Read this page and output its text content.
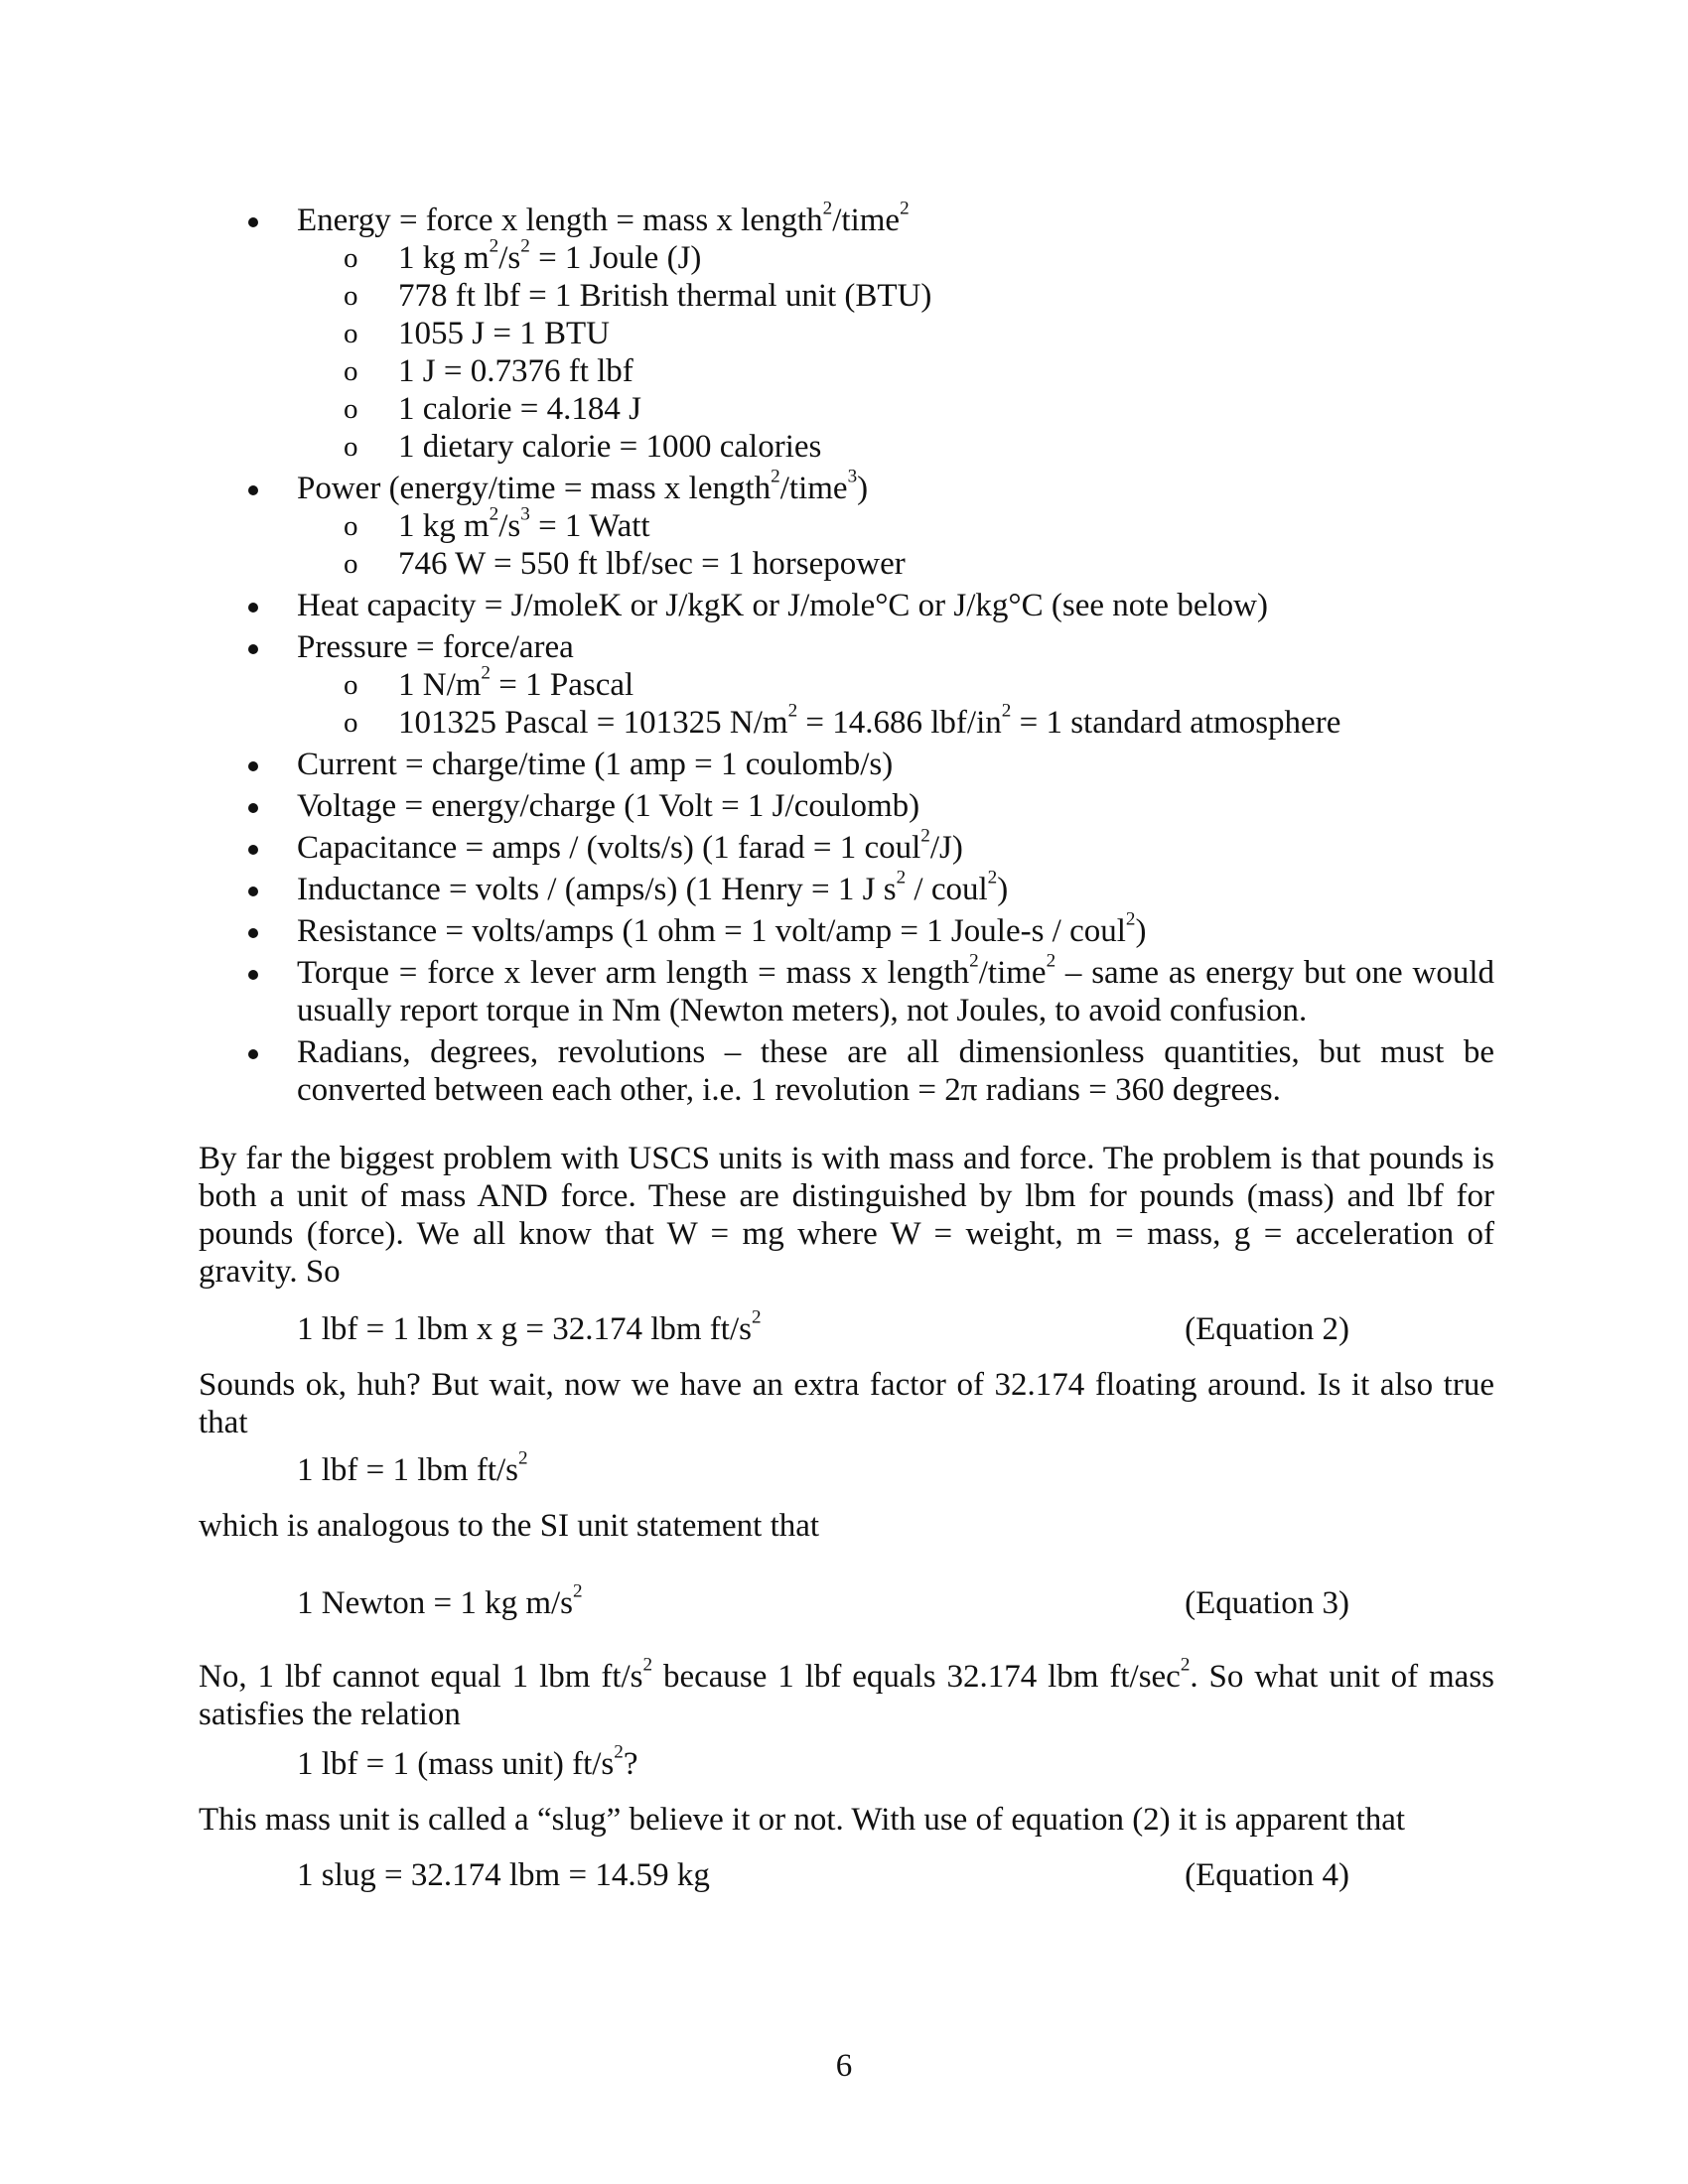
Energy = force x length = mass x length$^2$/time$^2$
o 1 kg $m^2/s^2 = 1$ Joule (J)
o 778 ft lbf = 1 British thermal unit (BTU)
o 1055 J = 1 BTU
o 1 J = 0.7376 ft lbf
o 1 calorie = 4.184 J
o 1 dietary calorie = 1000 calories
Power (energy/time = mass x length$^2$/time$^3$)
o 1 kg $m^2/s^3 = 1$ Watt
o 746 W = 550 ft lbf/sec = 1 horsepower
Heat capacity = J/moleK or J/kgK or J/mole°C or J/kg°C (see note below)
Pressure = force/area
o 1 $N/m^2 = 1$ Pascal
o 101325 Pascal = 101325 $N/m^2 = 14.686$ lbf/$in^2 = 1$ standard atmosphere
Current = charge/time (1 amp = 1 coulomb/s)
Voltage = energy/charge (1 Volt = 1 J/coulomb)
Capacitance = amps / (volts/s) (1 farad = 1 coul$^2$/J)
Inductance = volts / (amps/s) (1 Henry = 1 J $s^2$ / coul$^2$)
Resistance = volts/amps (1 ohm = 1 volt/amp = 1 Joule-s / coul$^2$)
Torque = force x lever arm length = mass x length$^2$/time$^2$ – same as energy but one would usually report torque in Nm (Newton meters), not Joules, to avoid confusion.
Radians, degrees, revolutions – these are all dimensionless quantities, but must be converted between each other, i.e. 1 revolution = 2π radians = 360 degrees.

By far the biggest problem with USCS units is with mass and force. The problem is that pounds is both a unit of mass AND force. These are distinguished by lbm for pounds (mass) and lbf for pounds (force). We all know that W = mg where W = weight, m = mass, g = acceleration of gravity. So

1 lbf = 1 lbm x g = 32.174 lbm $ft/s^2$	(Equation 2)

Sounds ok, huh? But wait, now we have an extra factor of 32.174 floating around. Is it also true that

1 lbf = 1 lbm $ft/s^2$

which is analogous to the SI unit statement that

1 Newton = 1 kg $m/s^2$	(Equation 3)

No, 1 lbf cannot equal 1 lbm $ft/s^2$ because 1 lbf equals 32.174 lbm $ft/\sec^2$. So what unit of mass satisfies the relation

1 lbf = 1 (mass unit) $ft/s^2$?

This mass unit is called a “slug” believe it or not. With use of equation (2) it is apparent that

1 slug = 32.174 lbm = 14.59 kg	(Equation 4)
6
